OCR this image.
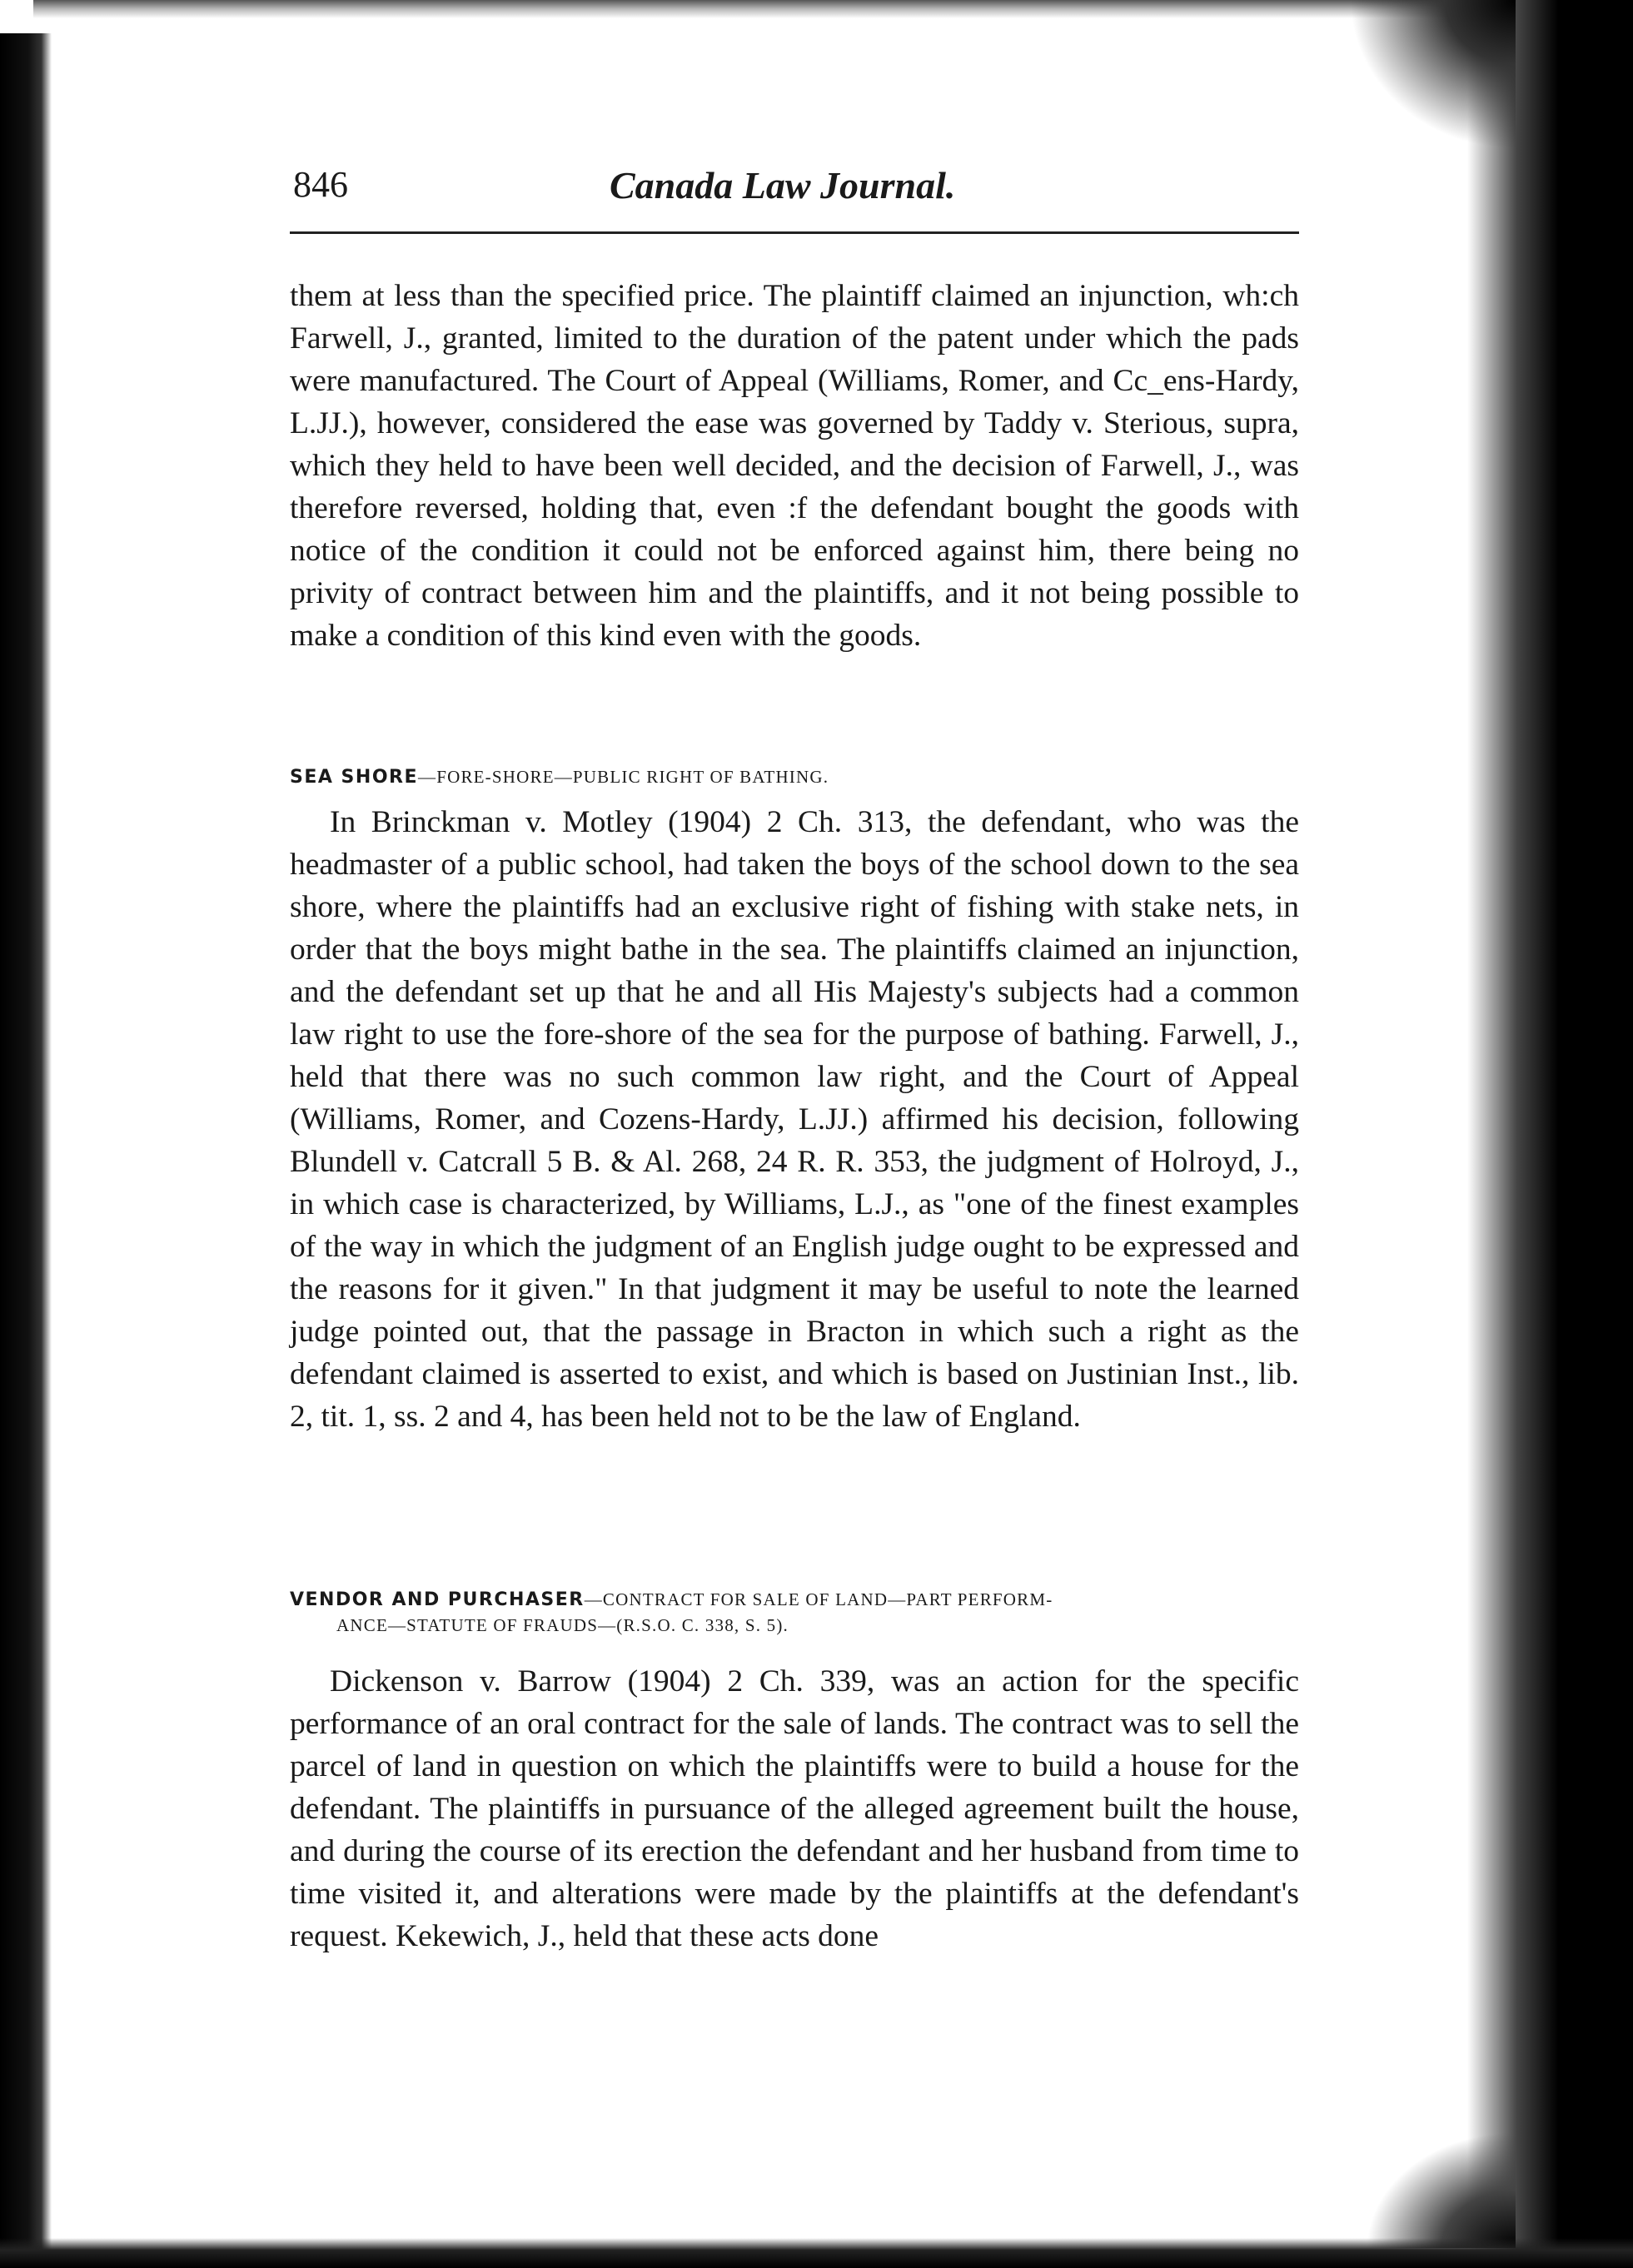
846	Canada Law Journal.

them at less than the specified price. The plaintiff claimed an injunction, wh:ch Farwell, J., granted, limited to the duration of the patent under which the pads were manufactured. The Court of Appeal (Williams, Romer, and Cc_ens-Hardy, L.JJ.), however, considered the ease was governed by Taddy v. Sterious, supra, which they held to have been well decided, and the decision of Farwell, J., was therefore reversed, holding that, even :f the defendant bought the goods with notice of the condition it could not be enforced against him, there being no privity of contract between him and the plaintiffs, and it not being possible to make a condition of this kind even with the goods.

SEA SHORE—FORE-SHORE—PUBLIC RIGHT OF BATHING.

In Brinckman v. Motley (1904) 2 Ch. 313, the defendant, who was the headmaster of a public school, had taken the boys of the school down to the sea shore, where the plaintiffs had an exclusive right of fishing with stake nets, in order that the boys might bathe in the sea. The plaintiffs claimed an injunction, and the defendant set up that he and all His Majesty's subjects had a common law right to use the fore-shore of the sea for the purpose of bathing. Farwell, J., held that there was no such common law right, and the Court of Appeal (Williams, Romer, and Cozens-Hardy, L.JJ.) affirmed his decision, following Blundell v. Catcrall 5 B. & Al. 268, 24 R. R. 353, the judgment of Holroyd, J., in which case is characterized, by Williams, L.J., as "one of the finest examples of the way in which the judgment of an English judge ought to be expressed and the reasons for it given." In that judgment it may be useful to note the learned judge pointed out, that the passage in Bracton in which such a right as the defendant claimed is asserted to exist, and which is based on Justinian Inst., lib. 2, tit. 1, ss. 2 and 4, has been held not to be the law of England.

VENDOR AND PURCHASER—CONTRACT FOR SALE OF LAND—PART PERFORM-
ANCE—STATUTE OF FRAUDS—(R.S.O. C. 338, S. 5).

Dickenson v. Barrow (1904) 2 Ch. 339, was an action for the specific performance of an oral contract for the sale of lands. The contract was to sell the parcel of land in question on which the plaintiffs were to build a house for the defendant. The plaintiffs in pursuance of the alleged agreement built the house, and during the course of its erection the defendant and her husband from time to time visited it, and alterations were made by the plaintiffs at the defendant's request. Kekewich, J., held that these acts done
